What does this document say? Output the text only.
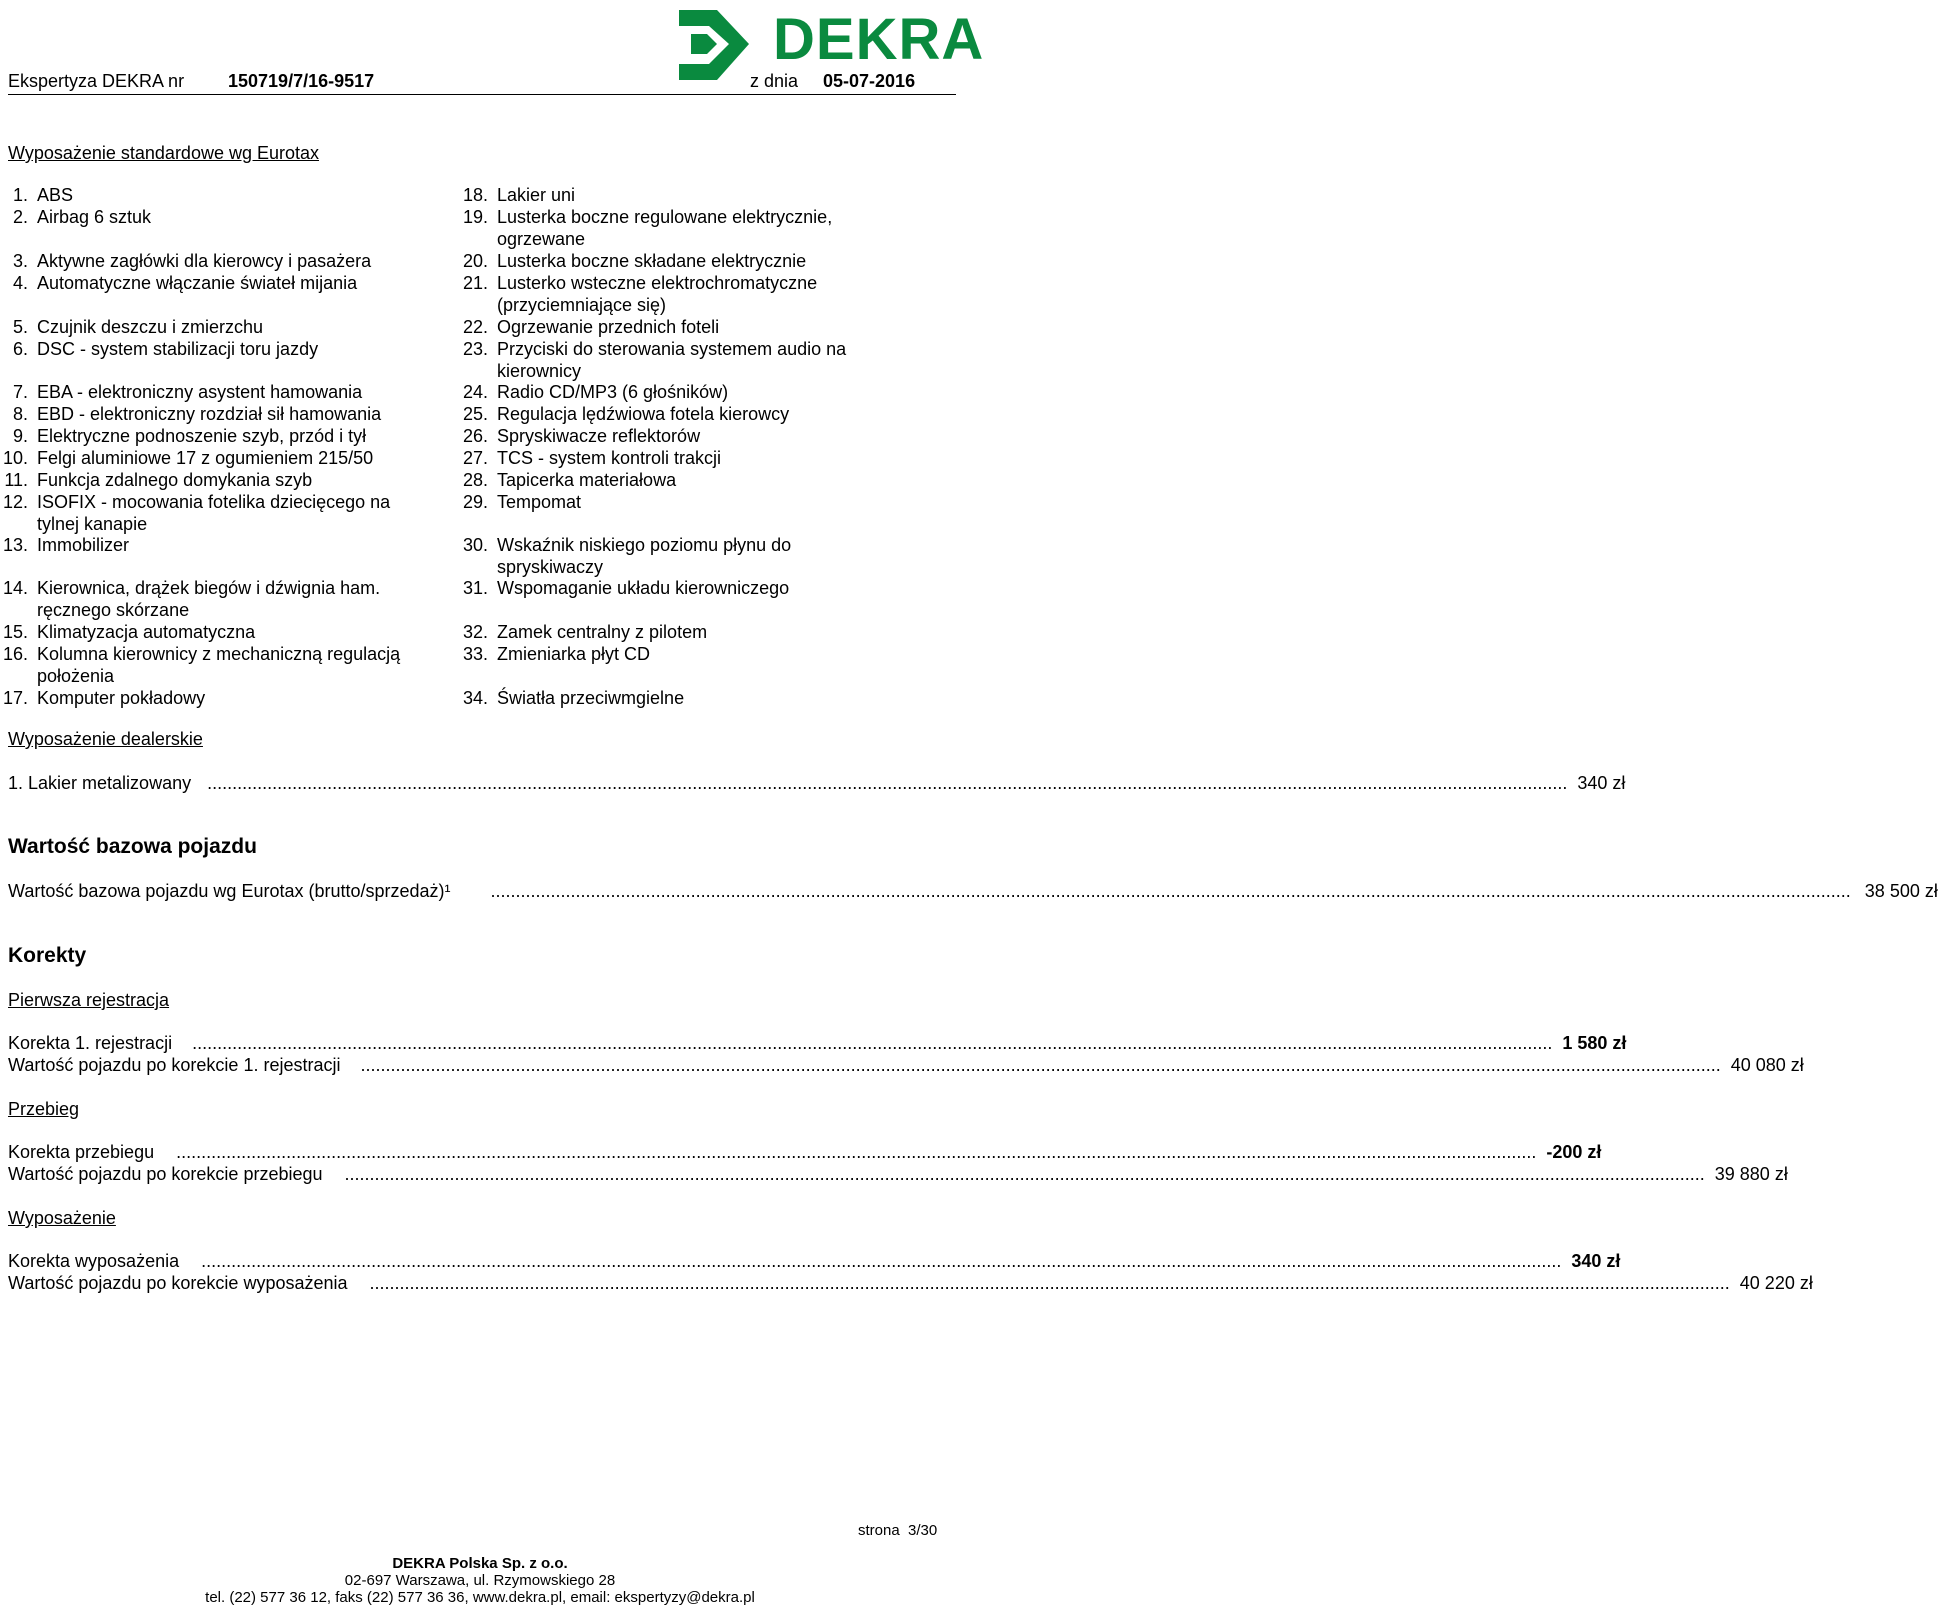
Ekspertyza DEKRA nr 150719/7/16-9517	z dnia 05-07-2016
DEKRA
Wyposażenie standardowe wg Eurotax
1. ABS
2. Airbag 6 sztuk
3. Aktywne zagłówki dla kierowcy i pasażera
4. Automatyczne włączanie świateł mijania
5. Czujnik deszczu i zmierzchu
6. DSC - system stabilizacji toru jazdy
7. EBA - elektroniczny asystent hamowania
8. EBD - elektroniczny rozdział sił hamowania
9. Elektryczne podnoszenie szyb, przód i tył
10. Felgi aluminiowe 17 z ogumieniem 215/50
11. Funkcja zdalnego domykania szyb
12. ISOFIX - mocowania fotelika dziecięcego na tylnej kanapie
13. Immobilizer
14. Kierownica, drążek biegów i dźwignia ham. ręcznego skórzane
15. Klimatyzacja automatyczna
16. Kolumna kierownicy z mechaniczną regulacją położenia
17. Komputer pokładowy
18. Lakier uni
19. Lusterka boczne regulowane elektrycznie, ogrzewane
20. Lusterka boczne składane elektrycznie
21. Lusterko wsteczne elektrochromatyczne (przyciemniające się)
22. Ogrzewanie przednich foteli
23. Przyciski do sterowania systemem audio na kierownicy
24. Radio CD/MP3 (6 głośników)
25. Regulacja lędźwiowa fotela kierowcy
26. Spryskiwacze reflektorów
27. TCS - system kontroli trakcji
28. Tapicerka materiałowa
29. Tempomat
30. Wskaźnik niskiego poziomu płynu do spryskiwaczy
31. Wspomaganie układu kierowniczego
32. Zamek centralny z pilotem
33. Zmieniarka płyt CD
34. Światła przeciwmgielne
Wyposażenie dealerskie
1. Lakier metalizowany .....	340 zł
Wartość bazowa pojazdu
Wartość bazowa pojazdu wg Eurotax (brutto/sprzedaż)¹ .....	38 500 zł
Korekty
Pierwsza rejestracja
Korekta 1. rejestracji .....	1 580 zł
Wartość pojazdu po korekcie 1. rejestracji .....	40 080 zł
Przebieg
Korekta przebiegu .....	-200 zł
Wartość pojazdu po korekcie przebiegu .....	39 880 zł
Wyposażenie
Korekta wyposażenia .....	340 zł
Wartość pojazdu po korekcie wyposażenia .....	40 220 zł
strona 3/30
DEKRA Polska Sp. z o.o.
02-697 Warszawa, ul. Rzymowskiego 28
tel. (22) 577 36 12, faks (22) 577 36 36, www.dekra.pl, email: ekspertyzy@dekra.pl
